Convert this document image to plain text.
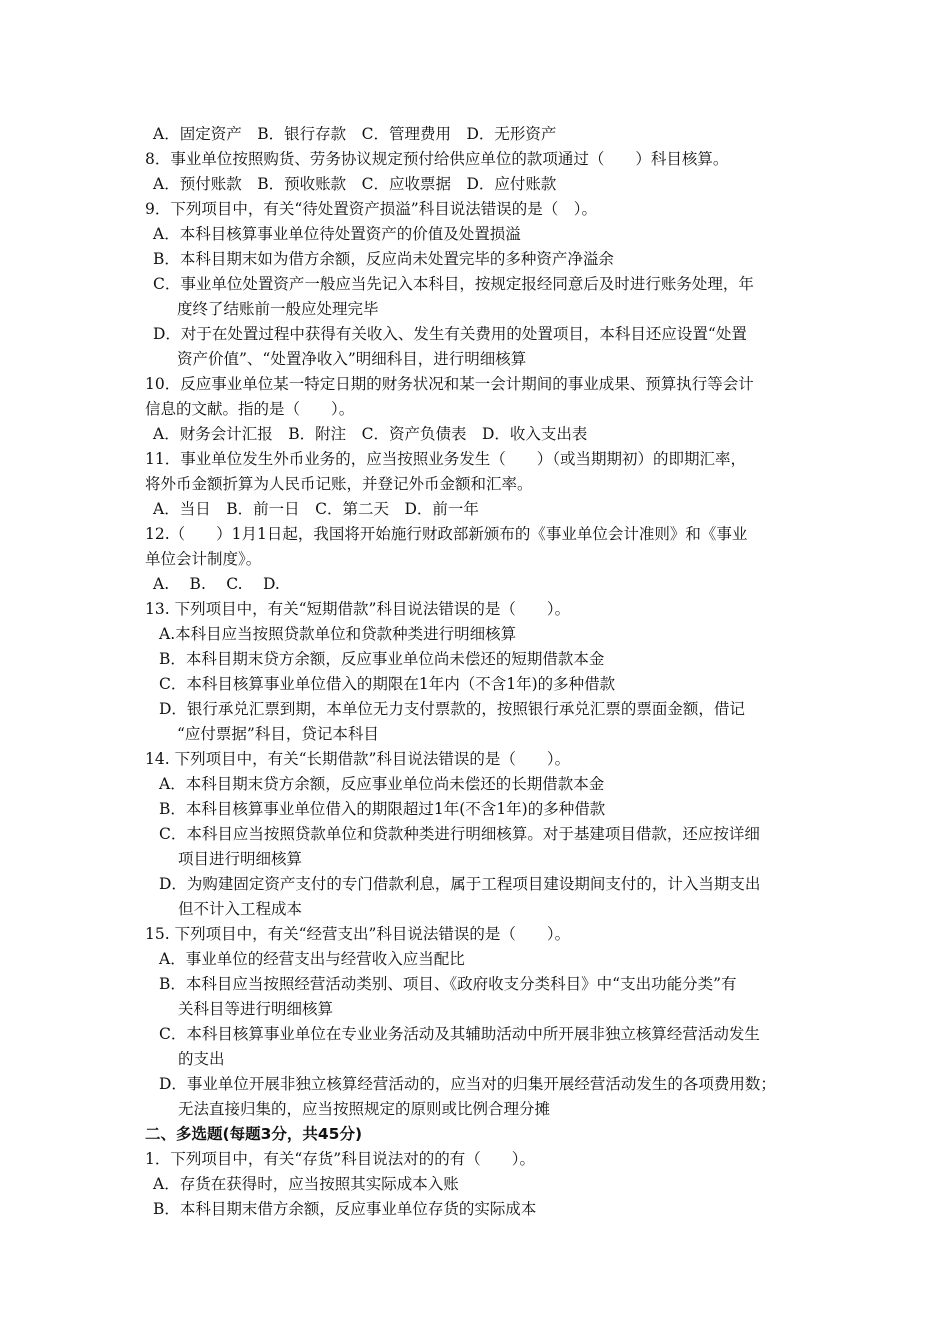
A．固定资产　B．银行存款　C．管理费用　D．无形资产
8．事业单位按照购货、劳务协议规定预付给供应单位的款项通过（　　）科目核算。
A．预付账款　B．预收账款　C．应收票据　D．应付账款
9．下列项目中，有关“待处置资产损溢”科目说法错误的是（　）。
A．本科目核算事业单位待处置资产的价值及处置损溢
B．本科目期末如为借方余额，反应尚未处置完毕的多种资产净溢余
C．事业单位处置资产一般应当先记入本科目，按规定报经同意后及时进行账务处理，年
度终了结账前一般应处理完毕
D．对于在处置过程中获得有关收入、发生有关费用的处置项目，本科目还应设置“处置
资产价值”、“处置净收入”明细科目，进行明细核算
10．反应事业单位某一特定日期的财务状况和某一会计期间的事业成果、预算执行等会计
信息的文献。指的是（　　）。
A．财务会计汇报　B．附注　C．资产负债表　D．收入支出表
11．事业单位发生外币业务的，应当按照业务发生（　　）（或当期期初）的即期汇率，
将外币金额折算为人民币记账，并登记外币金额和汇率。
A．当日　B．前一日　C．第二天　D．前一年
12.（　　）1月1日起，我国将开始施行财政部新颁布的《事业单位会计准则》和《事业
单位会计制度》。
A.　 B.　 C.　 D.
13. 下列项目中，有关“短期借款”科目说法错误的是（　　）。
A.本科目应当按照贷款单位和贷款种类进行明细核算
B．本科目期末贷方余额，反应事业单位尚未偿还的短期借款本金
C．本科目核算事业单位借入的期限在1年内（不含1年)的多种借款
D．银行承兑汇票到期，本单位无力支付票款的，按照银行承兑汇票的票面金额，借记
“应付票据”科目，贷记本科目
14. 下列项目中，有关“长期借款”科目说法错误的是（　　）。
A．本科目期末贷方余额，反应事业单位尚未偿还的长期借款本金
B．本科目核算事业单位借入的期限超过1年(不含1年)的多种借款
C．本科目应当按照贷款单位和贷款种类进行明细核算。对于基建项目借款，还应按详细
项目进行明细核算
D．为购建固定资产支付的专门借款利息，属于工程项目建设期间支付的，计入当期支出
但不计入工程成本
15. 下列项目中，有关“经营支出”科目说法错误的是（　　）。
A．事业单位的经营支出与经营收入应当配比
B．本科目应当按照经营活动类别、项目、《政府收支分类科目》中“支出功能分类”有
关科目等进行明细核算
C．本科目核算事业单位在专业业务活动及其辅助活动中所开展非独立核算经营活动发生
的支出
D．事业单位开展非独立核算经营活动的，应当对的归集开展经营活动发生的各项费用数；
无法直接归集的，应当按照规定的原则或比例合理分摊
二、多选题(每题3分，共45分)
1．下列项目中，有关“存货”科目说法对的的有（　　）。
A．存货在获得时，应当按照其实际成本入账
B．本科目期末借方余额，反应事业单位存货的实际成本
